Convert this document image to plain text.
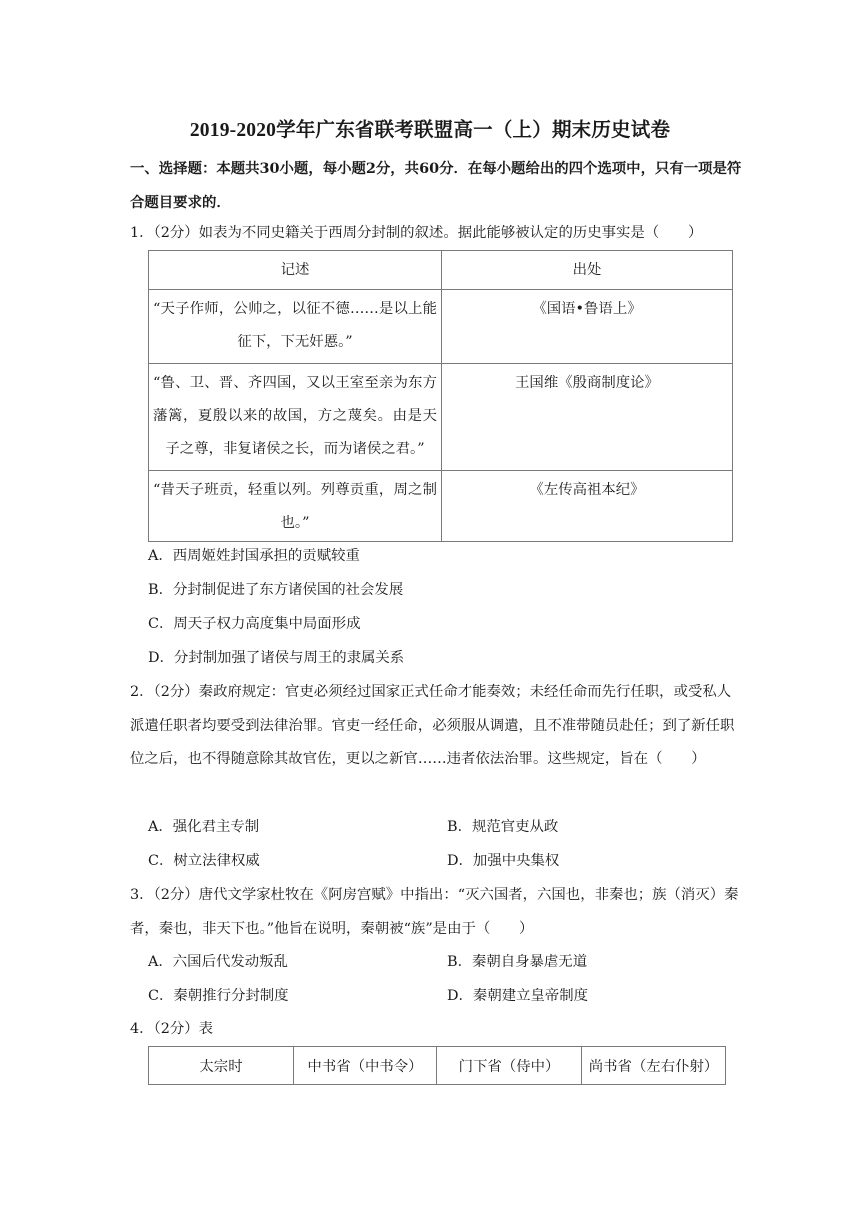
2019-2020学年广东省联考联盟高一（上）期末历史试卷
一、选择题：本题共30小题，每小题2分，共60分．在每小题给出的四个选项中，只有一项是符合题目要求的．
1．（2分）如表为不同史籍关于西周分封制的叙述。据此能够被认定的历史事实是（　　）
记述	出处

“天子作师，公帅之，以征不德……是以上能征下，下无奸慝。”	《国语•鲁语上》

“鲁、卫、晋、齐四国，又以王室至亲为东方藩篱，夏殷以来的故国，方之蔑矣。由是天子之尊，非复诸侯之长，而为诸侯之君。”	王国维《殷商制度论》

“昔天子班贡，轻重以列。列尊贡重，周之制也。”	《左传高祖本纪》
A．西周姬姓封国承担的贡赋较重
B．分封制促进了东方诸侯国的社会发展
C．周天子权力高度集中局面形成
D．分封制加强了诸侯与周王的隶属关系
2．（2分）秦政府规定：官吏必须经过国家正式任命才能奏效；未经任命而先行任职，或受私人派遣任职者均要受到法律治罪。官吏一经任命，必须服从调遣，且不准带随员赴任；到了新任职位之后，也不得随意除其故官佐，更以之新官……违者依法治罪。这些规定，旨在（　　）
A．强化君主专制	B．规范官吏从政
C．树立法律权威	D．加强中央集权
3．（2分）唐代文学家杜牧在《阿房宫赋》中指出：“灭六国者，六国也，非秦也；族（消灭）秦者，秦也，非天下也。”他旨在说明，秦朝被“族”是由于（　　）
A．六国后代发动叛乱	B．秦朝自身暴虐无道
C．秦朝推行分封制度	D．秦朝建立皇帝制度
4．（2分）表
太宗时	中书省（中书令）	门下省（侍中）	尚书省（左右仆射）
